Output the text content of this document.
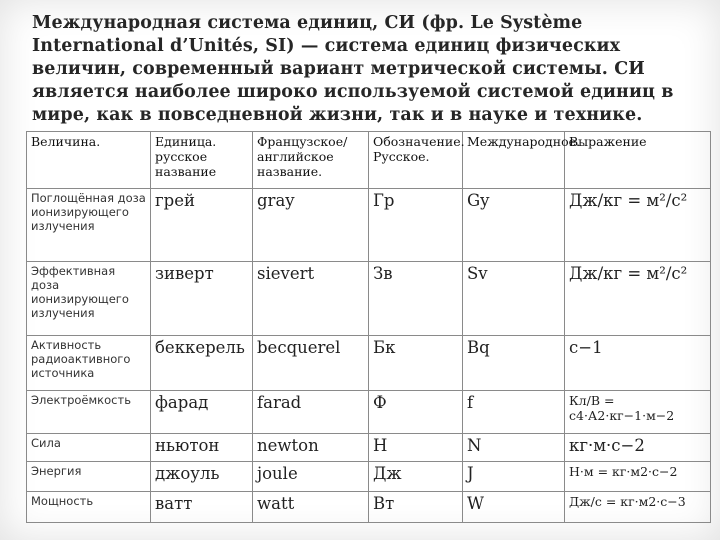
Международная система единиц, СИ (фр. Le Système International d’Unités, SI) — система единиц физических величин, современный вариант метрической системы. СИ является наиболее широко используемой системой единиц в мире, как в повседневной жизни, так и в науке и технике.
Величина.	Единица. русское название	Французское/ английское название.	Обозначение. Русское.	Международное.	Выражение
Поглощённая доза ионизирующего излучения	грей	gray	Гр	Gy	Дж/кг = м²/с²
Эффективная доза ионизирующего излучения	зиверт	sievert	Зв	Sv	Дж/кг = м²/с²
Активность радиоактивного источника	беккерель	becquerel	Бк	Bq	с−1
Электроёмкость	фарад	farad	Ф	f	Кл/В = с4·А2·кг−1·м−2
Сила	ньютон	newton	Н	N	кг·м·с−2
Энергия	джоуль	joule	Дж	J	Н·м = кг·м2·с−2
Мощность	ватт	watt	Вт	W	Дж/с = кг·м2·с−3
